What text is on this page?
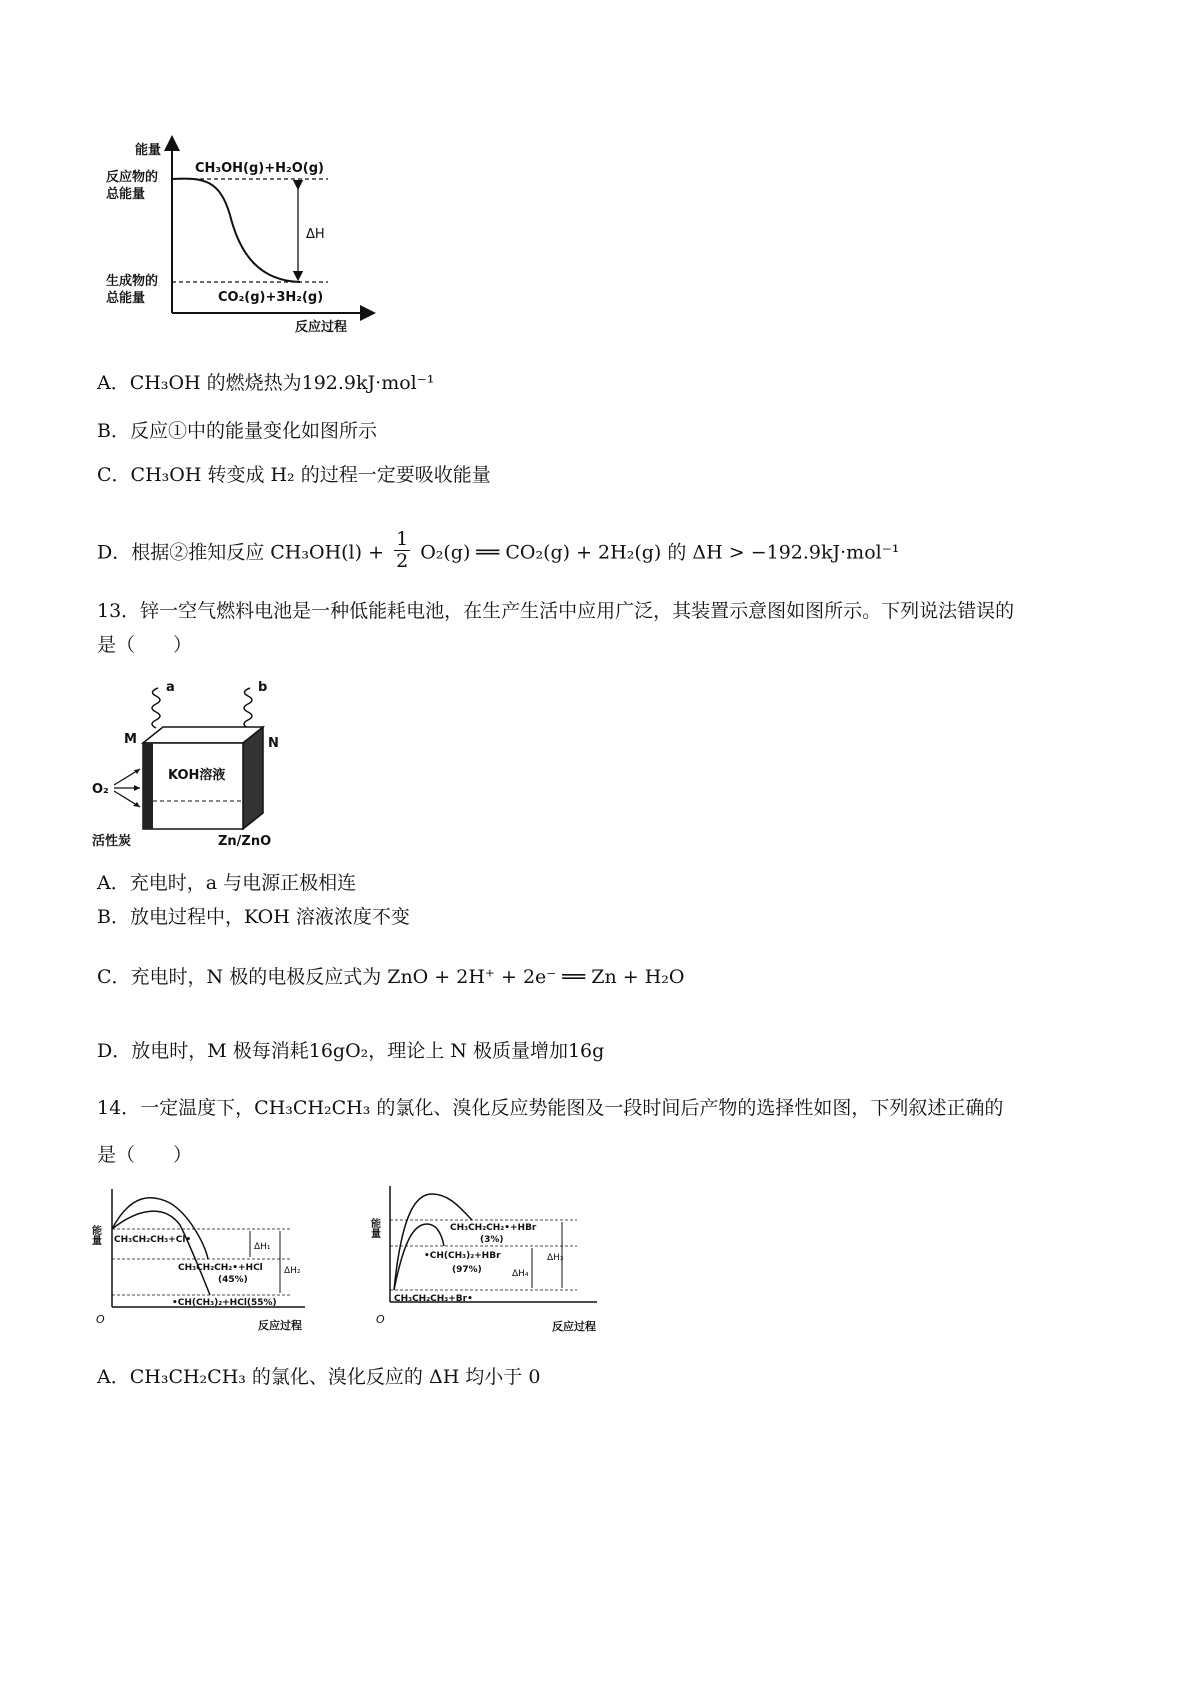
能量
反应物的
总能量
生成物的
总能量
CH₃OH(g)+H₂O(g)
CO₂(g)+3H₂(g)
ΔH
反应过程
A．CH₃OH 的燃烧热为192.9kJ·mol⁻¹
B．反应①中的能量变化如图所示
C．CH₃OH 转变成 H₂ 的过程一定要吸收能量
D．根据②推知反应 $CH_3OH(l) + \frac{1}{2} O_2(g)$ ══ CO₂(g) + 2H₂(g) 的 ΔH > −192.9kJ·mol⁻¹
13．锌一空气燃料电池是一种低能耗电池，在生产生活中应用广泛，其装置示意图如图所示。下列说法错误的
是（　　）
a	b
KOH溶液
M	N
O₂
活性炭	Zn/ZnO
A．充电时，a 与电源正极相连
B．放电过程中，KOH 溶液浓度不变
C．充电时，N 极的电极反应式为 ZnO + 2H⁺ + 2e⁻ ══ Zn + H₂O
D．放电时，M 极每消耗16gO₂，理论上 N 极质量增加16g
14．一定温度下，CH₃CH₂CH₃ 的氯化、溴化反应势能图及一段时间后产物的选择性如图，下列叙述正确的
是（　　）
能量
O	反应过程
CH₃CH₂CH₃+Cl•
CH₃CH₂CH₂•+HCl
(45%)
•CH(CH₃)₂+HCl(55%)
ΔH₁
ΔH₂
能量
O
反应过程
CH₃CH₂CH₂•+HBr
(3%)
•CH(CH₃)₂+HBr
(97%)
CH₃CH₂CH₃+Br•
ΔH₃
ΔH₄
A．CH₃CH₂CH₃ 的氯化、溴化反应的 ΔH 均小于 0
